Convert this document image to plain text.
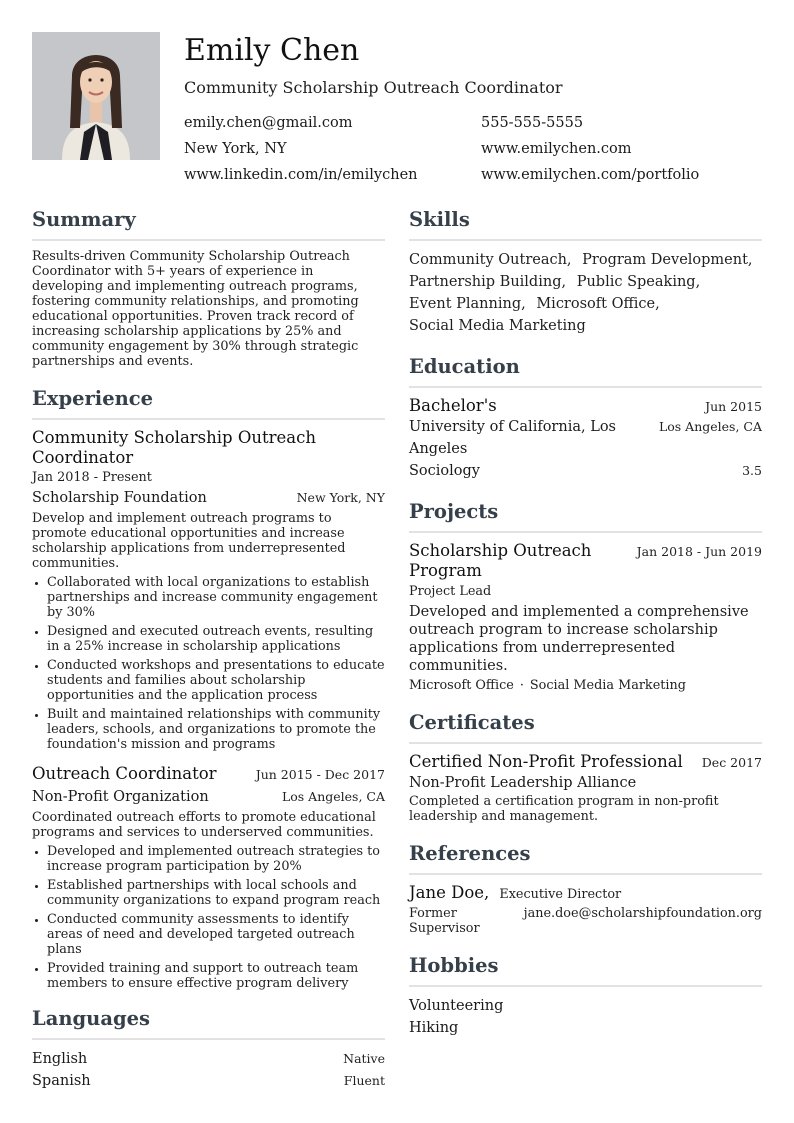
Emily Chen
Community Scholarship Outreach Coordinator
emily.chen@gmail.com	555-555-5555
New York, NY	www.emilychen.com
www.linkedin.com/in/emilychen	www.emilychen.com/portfolio
Summary
Results-driven Community Scholarship Outreach Coordinator with 5+ years of experience in developing and implementing outreach programs, fostering community relationships, and promoting educational opportunities. Proven track record of increasing scholarship applications by 25% and community engagement by 30% through strategic partnerships and events.
Experience
Community Scholarship Outreach Coordinator
Jan 2018 - Present
Scholarship Foundation	New York, NY
Develop and implement outreach programs to promote educational opportunities and increase scholarship applications from underrepresented communities.
• Collaborated with local organizations to establish partnerships and increase community engagement by 30%
• Designed and executed outreach events, resulting in a 25% increase in scholarship applications
• Conducted workshops and presentations to educate students and families about scholarship opportunities and the application process
• Built and maintained relationships with community leaders, schools, and organizations to promote the foundation's mission and programs
Outreach Coordinator	Jun 2015 - Dec 2017
Non-Profit Organization	Los Angeles, CA
Coordinated outreach efforts to promote educational programs and services to underserved communities.
• Developed and implemented outreach strategies to increase program participation by 20%
• Established partnerships with local schools and community organizations to expand program reach
• Conducted community assessments to identify areas of need and developed targeted outreach plans
• Provided training and support to outreach team members to ensure effective program delivery
Languages
English	Native
Spanish	Fluent
Skills
Community Outreach, Program Development,
Partnership Building, Public Speaking,
Event Planning, Microsoft Office,
Social Media Marketing
Education
Bachelor's	Jun 2015
University of California, Los Angeles
Los Angeles, CA
Sociology	3.5
Projects
Scholarship Outreach Program
Jan 2018 - Jun 2019
Project Lead
Developed and implemented a comprehensive outreach program to increase scholarship applications from underrepresented communities.
Microsoft Office · Social Media Marketing
Certificates
Certified Non-Profit Professional Dec 2017
Non-Profit Leadership Alliance
Completed a certification program in non-profit leadership and management.
References
Jane Doe, Executive Director
Former Supervisor
jane.doe@scholarshipfoundation.org
Hobbies
Volunteering
Hiking
